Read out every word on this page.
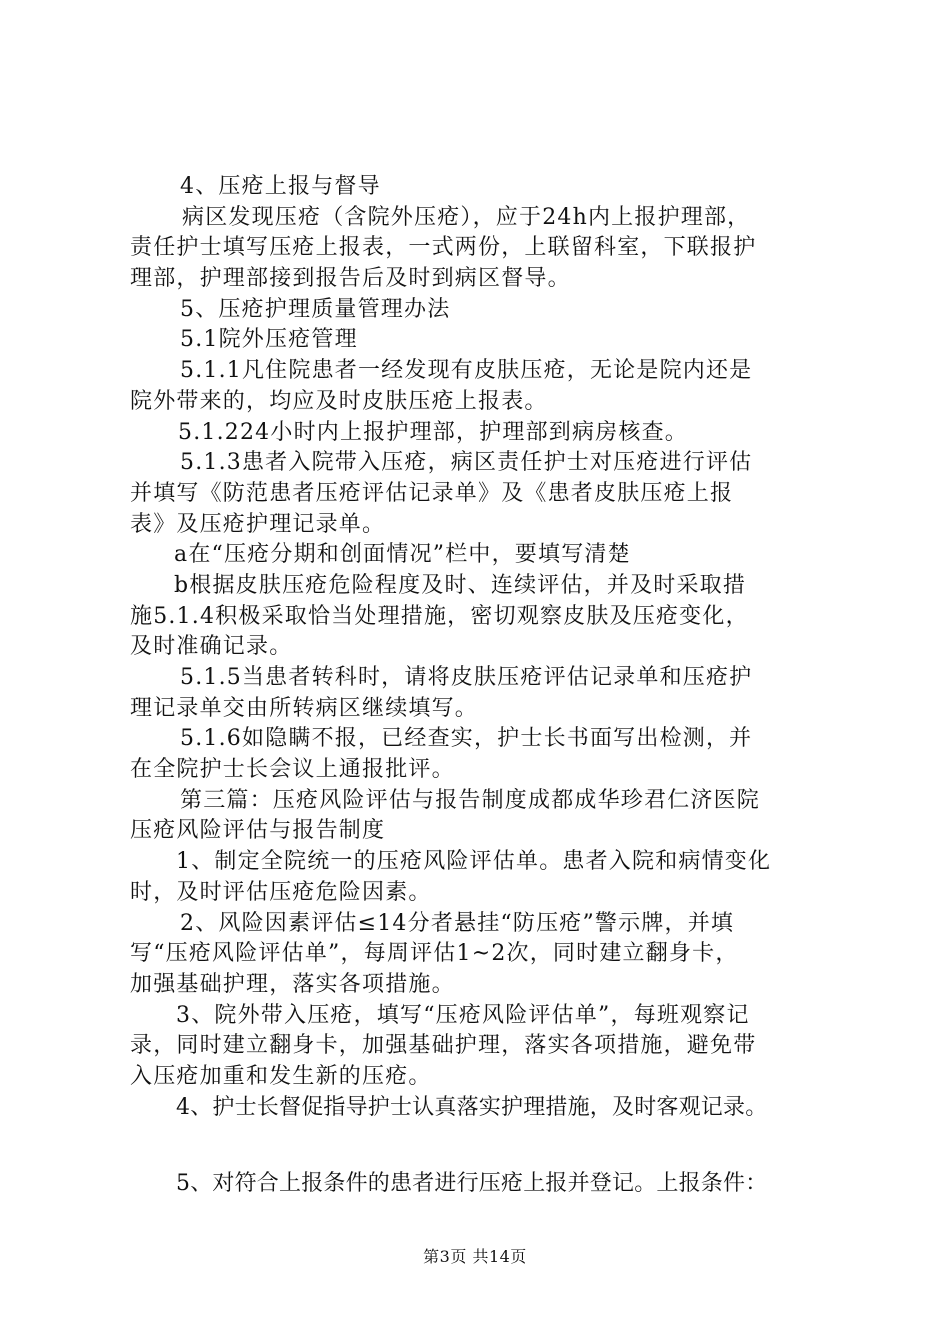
4、压疮上报与督导
病区发现压疮（含院外压疮），应于24h内上报护理部，
责任护士填写压疮上报表，一式两份，上联留科室，下联报护
理部，护理部接到报告后及时到病区督导。
5、压疮护理质量管理办法
5.1院外压疮管理
5.1.1凡住院患者一经发现有皮肤压疮，无论是院内还是
院外带来的，均应及时皮肤压疮上报表。
5.1.224小时内上报护理部，护理部到病房核查。
5.1.3患者入院带入压疮，病区责任护士对压疮进行评估
并填写《防范患者压疮评估记录单》及《患者皮肤压疮上报
表》及压疮护理记录单。
a在“压疮分期和创面情况”栏中，要填写清楚
b根据皮肤压疮危险程度及时、连续评估，并及时采取措
施5.1.4积极采取恰当处理措施，密切观察皮肤及压疮变化，
及时准确记录。
5.1.5当患者转科时，请将皮肤压疮评估记录单和压疮护
理记录单交由所转病区继续填写。
5.1.6如隐瞒不报，已经查实，护士长书面写出检测，并
在全院护士长会议上通报批评。
第三篇：压疮风险评估与报告制度成都成华珍君仁济医院
压疮风险评估与报告制度
1、制定全院统一的压疮风险评估单。患者入院和病情变化
时，及时评估压疮危险因素。
2、风险因素评估≤14分者悬挂“防压疮”警示牌，并填
写“压疮风险评估单”，每周评估1~2次，同时建立翻身卡，
加强基础护理，落实各项措施。
3、院外带入压疮，填写“压疮风险评估单”，每班观察记
录，同时建立翻身卡，加强基础护理，落实各项措施，避免带
入压疮加重和发生新的压疮。
4、护士长督促指导护士认真落实护理措施，及时客观记录。
5、对符合上报条件的患者进行压疮上报并登记。上报条件：
第3页 共14页
